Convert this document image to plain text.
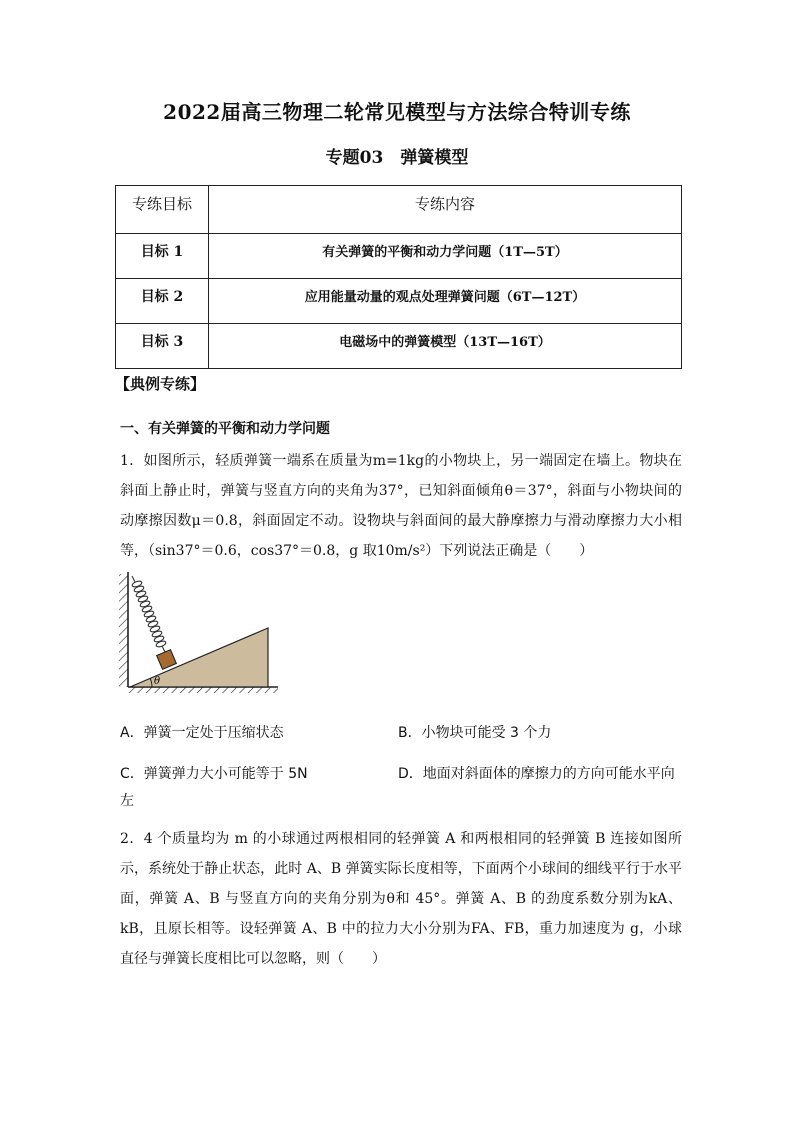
2022届高三物理二轮常见模型与方法综合特训专练
专题03　弹簧模型
专练目标	专练内容
目标 1	有关弹簧的平衡和动力学问题（1T—5T）
目标 2	应用能量动量的观点处理弹簧问题（6T—12T）
目标 3	电磁场中的弹簧模型（13T—16T）
【典例专练】
一、有关弹簧的平衡和动力学问题

1．如图所示，轻质弹簧一端系在质量为m=1kg的小物块上，另一端固定在墙上。物块在斜面上静止时，弹簧与竖直方向的夹角为37°，已知斜面倾角θ＝37°，斜面与小物块间的动摩擦因数μ＝0.8，斜面固定不动。设物块与斜面间的最大静摩擦力与滑动摩擦力大小相等，（sin37°＝0.6，cos37°＝0.8，g 取10m/s²）下列说法正确是（　　）

θ
A．弹簧一定处于压缩状态	B．小物块可能受 3 个力
C．弹簧弹力大小可能等于 5N	D．地面对斜面体的摩擦力的方向可能水平向
左

2．4 个质量均为 m 的小球通过两根相同的轻弹簧 A 和两根相同的轻弹簧 B 连接如图所示，系统处于静止状态，此时 A、B 弹簧实际长度相等，下面两个小球间的细线平行于水平面，弹簧 A、B 与竖直方向的夹角分别为θ和 45°。弹簧 A、B 的劲度系数分别为kA、kB，且原长相等。设轻弹簧 A、B 中的拉力大小分别为FA、FB，重力加速度为 g，小球直径与弹簧长度相比可以忽略，则（　　）
